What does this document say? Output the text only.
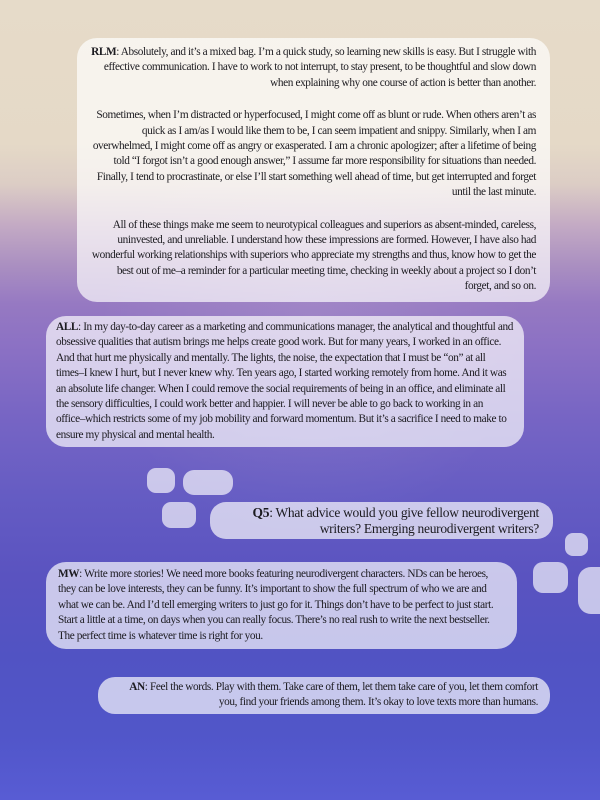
RLM: Absolutely, and it’s a mixed bag. I’m a quick study, so learning new skills is easy. But I struggle with effective communication. I have to work to not interrupt, to stay present, to be thoughtful and slow down when explaining why one course of action is better than another.

Sometimes, when I’m distracted or hyperfocused, I might come off as blunt or rude. When others aren’t as quick as I am/as I would like them to be, I can seem impatient and snippy. Similarly, when I am overwhelmed, I might come off as angry or exasperated. I am a chronic apologizer; after a lifetime of being told “I forgot isn’t a good enough answer,” I assume far more responsibility for situations than needed. Finally, I tend to procrastinate, or else I’ll start something well ahead of time, but get interrupted and forget until the last minute.

All of these things make me seem to neurotypical colleagues and superiors as absent-minded, careless, uninvested, and unreliable. I understand how these impressions are formed. However, I have also had wonderful working relationships with superiors who appreciate my strengths and thus, know how to get the best out of me–a reminder for a particular meeting time, checking in weekly about a project so I don’t forget, and so on.

ALL: In my day-to-day career as a marketing and communications manager, the analytical and thoughtful and obsessive qualities that autism brings me helps create good work. But for many years, I worked in an office. And that hurt me physically and mentally. The lights, the noise, the expectation that I must be “on” at all times–I knew I hurt, but I never knew why. Ten years ago, I started working remotely from home. And it was an absolute life changer. When I could remove the social requirements of being in an office, and eliminate all the sensory difficulties, I could work better and happier. I will never be able to go back to working in an office–which restricts some of my job mobility and forward momentum. But it’s a sacrifice I need to make to ensure my physical and mental health.

Q5: What advice would you give fellow neurodivergent writers? Emerging neurodivergent writers?

MW: Write more stories! We need more books featuring neurodivergent characters. NDs can be heroes, they can be love interests, they can be funny. It’s important to show the full spectrum of who we are and what we can be. And I’d tell emerging writers to just go for it. Things don’t have to be perfect to just start. Start a little at a time, on days when you can really focus. There’s no real rush to write the next bestseller. The perfect time is whatever time is right for you.

AN: Feel the words. Play with them. Take care of them, let them take care of you, let them comfort you, find your friends among them. It’s okay to love texts more than humans.
